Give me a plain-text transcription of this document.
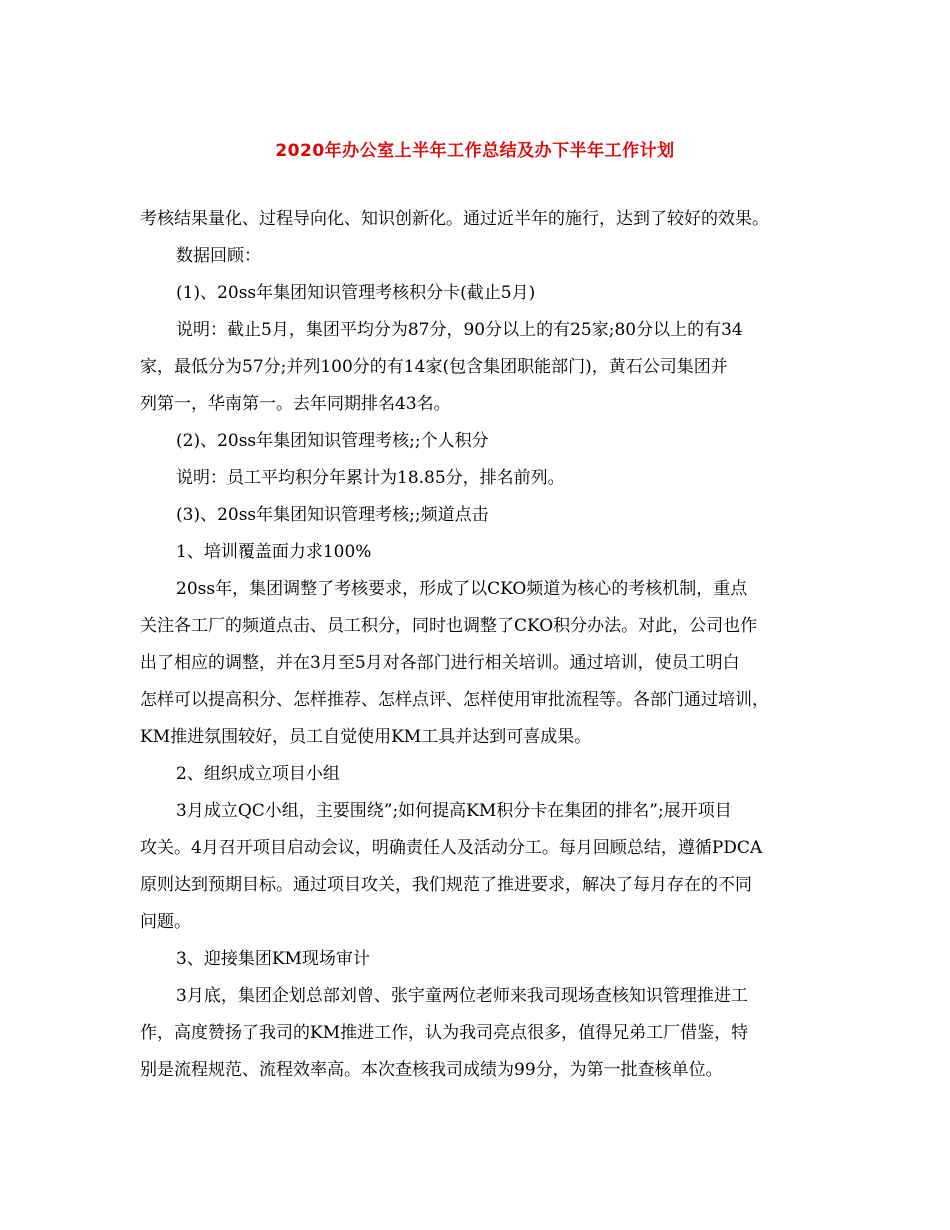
2020年办公室上半年工作总结及办下半年工作计划

考核结果量化、过程导向化、知识创新化。通过近半年的施行，达到了较好的效果。

数据回顾：

(1)、20ss年集团知识管理考核积分卡(截止5月)

说明：截止5月，集团平均分为87分，90分以上的有25家;80分以上的有34

家，最低分为57分;并列100分的有14家(包含集团职能部门)，黄石公司集团并

列第一，华南第一。去年同期排名43名。

(2)、20ss年集团知识管理考核;;个人积分

说明：员工平均积分年累计为18.85分，排名前列。

(3)、20ss年集团知识管理考核;;频道点击

1、培训覆盖面力求100%

20ss年，集团调整了考核要求，形成了以CKO频道为核心的考核机制，重点

关注各工厂的频道点击、员工积分，同时也调整了CKO积分办法。对此，公司也作

出了相应的调整，并在3月至5月对各部门进行相关培训。通过培训，使员工明白

怎样可以提高积分、怎样推荐、怎样点评、怎样使用审批流程等。各部门通过培训，

KM推进氛围较好，员工自觉使用KM工具并达到可喜成果。

2、组织成立项目小组

3月成立QC小组，主要围绕”;如何提高KM积分卡在集团的排名”;展开项目

攻关。4月召开项目启动会议，明确责任人及活动分工。每月回顾总结，遵循PDCA

原则达到预期目标。通过项目攻关，我们规范了推进要求，解决了每月存在的不同

问题。

3、迎接集团KM现场审计

3月底，集团企划总部刘曾、张宇童两位老师来我司现场查核知识管理推进工

作，高度赞扬了我司的KM推进工作，认为我司亮点很多，值得兄弟工厂借鉴，特

别是流程规范、流程效率高。本次查核我司成绩为99分，为第一批查核单位。
